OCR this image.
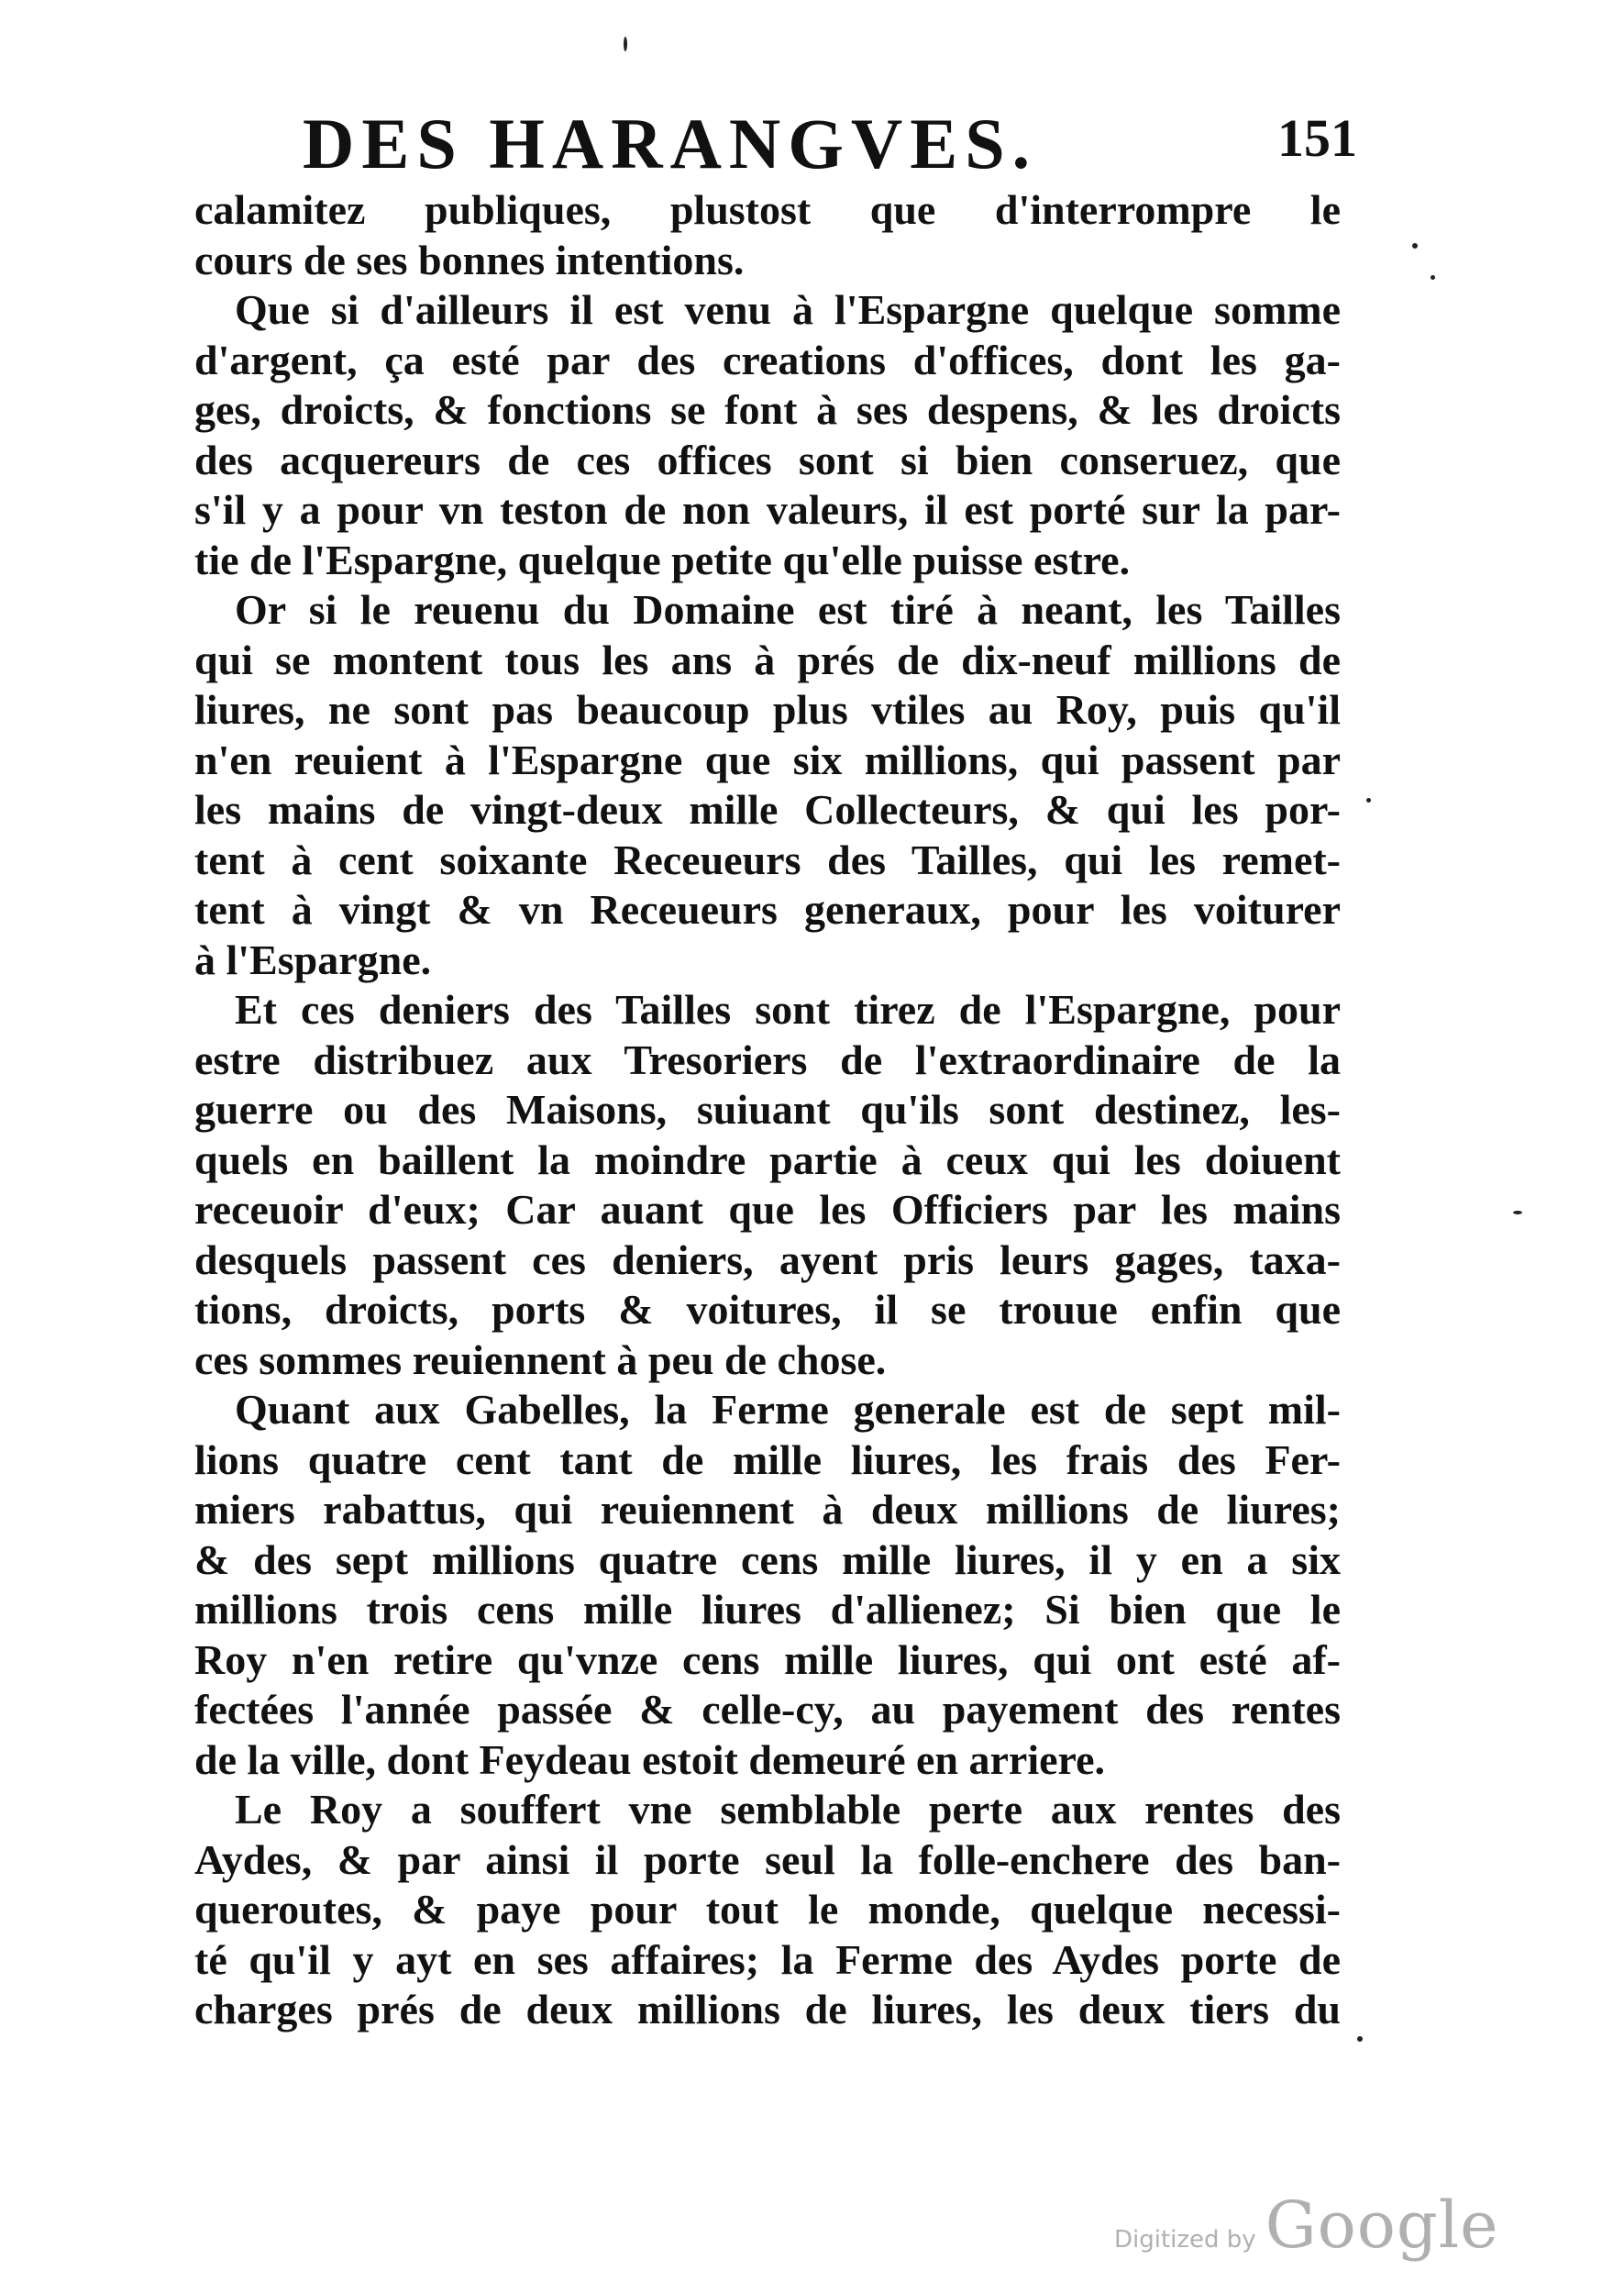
DES HARANGVES.	151
calamitez publiques, plustost que d'interrompre le
cours de ses bonnes intentions.
Que si d'ailleurs il est venu à l'Espargne quelque somme
d'argent, ça esté par des creations d'offices, dont les ga-
ges, droicts, & fonctions se font à ses despens, & les droicts
des acquereurs de ces offices sont si bien conseruez, que
s'il y a pour vn teston de non valeurs, il est porté sur la par-
tie de l'Espargne, quelque petite qu'elle puisse estre.
Or si le reuenu du Domaine est tiré à neant, les Tailles
qui se montent tous les ans à prés de dix-neuf millions de
liures, ne sont pas beaucoup plus vtiles au Roy, puis qu'il
n'en reuient à l'Espargne que six millions, qui passent par
les mains de vingt-deux mille Collecteurs, & qui les por-
tent à cent soixante Receueurs des Tailles, qui les remet-
tent à vingt & vn Receueurs generaux, pour les voiturer
à l'Espargne.
Et ces deniers des Tailles sont tirez de l'Espargne, pour
estre distribuez aux Tresoriers de l'extraordinaire de la
guerre ou des Maisons, suiuant qu'ils sont destinez, les-
quels en baillent la moindre partie à ceux qui les doiuent
receuoir d'eux; Car auant que les Officiers par les mains
desquels passent ces deniers, ayent pris leurs gages, taxa-
tions, droicts, ports & voitures, il se trouue enfin que
ces sommes reuiennent à peu de chose.
Quant aux Gabelles, la Ferme generale est de sept mil-
lions quatre cent tant de mille liures, les frais des Fer-
miers rabattus, qui reuiennent à deux millions de liures;
& des sept millions quatre cens mille liures, il y en a six
millions trois cens mille liures d'allienez; Si bien que le
Roy n'en retire qu'vnze cens mille liures, qui ont esté af-
fectées l'année passée & celle-cy, au payement des rentes
de la ville, dont Feydeau estoit demeuré en arriere.
Le Roy a souffert vne semblable perte aux rentes des
Aydes, & par ainsi il porte seul la folle-enchere des ban-
queroutes, & paye pour tout le monde, quelque necessi-
té qu'il y ayt en ses affaires; la Ferme des Aydes porte de
charges prés de deux millions de liures, les deux tiers du
Digitized by Google
